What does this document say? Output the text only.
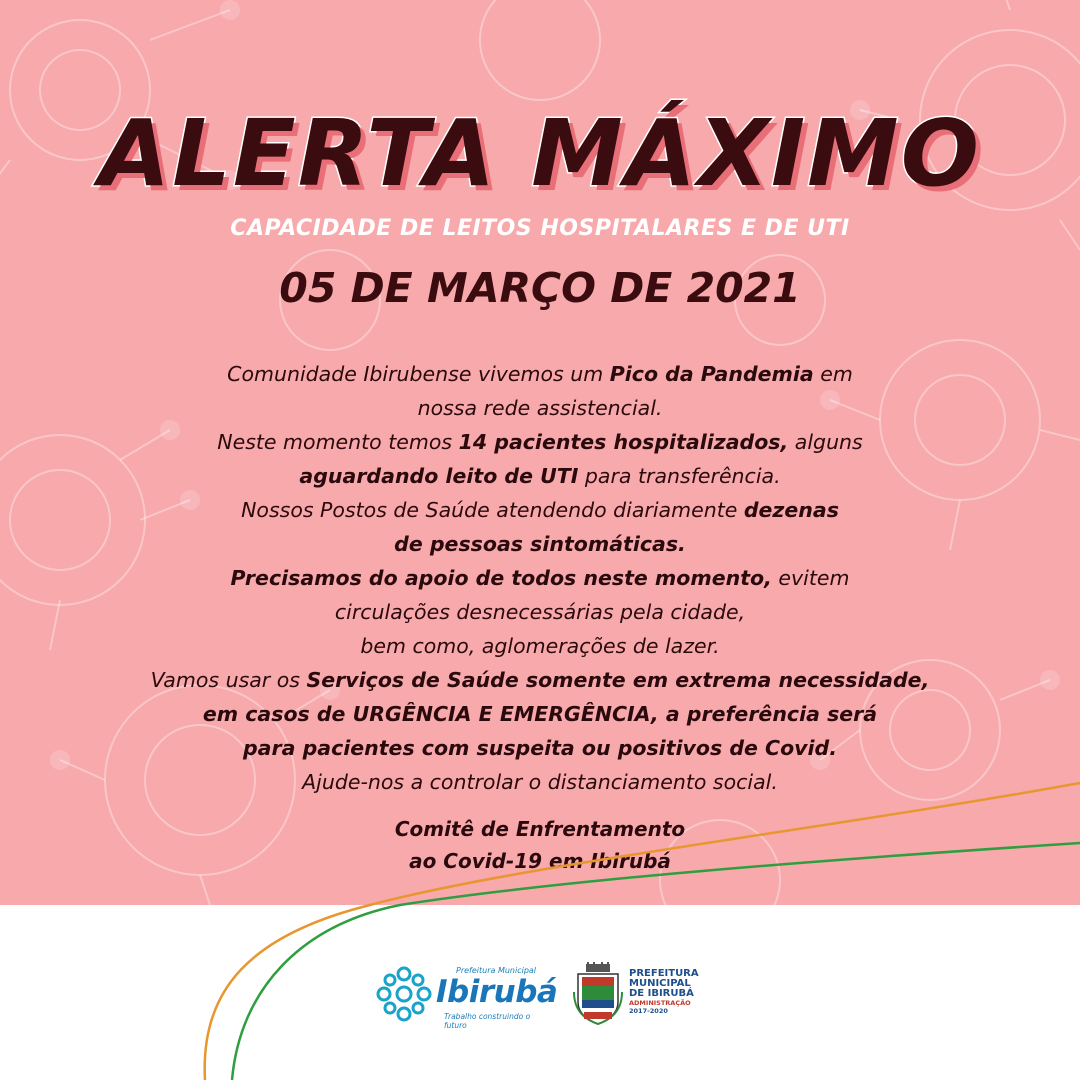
ALERTA MÁXIMO
CAPACIDADE DE LEITOS HOSPITALARES E DE UTI
05 DE MARÇO DE 2021
Comunidade Ibirubense vivemos um Pico da Pandemia em
nossa rede assistencial.
Neste momento temos 14 pacientes hospitalizados, alguns
aguardando leito de UTI para transferência.
Nossos Postos de Saúde atendendo diariamente dezenas
de pessoas sintomáticas.
Precisamos do apoio de todos neste momento, evitem
circulações desnecessárias pela cidade,
bem como, aglomerações de lazer.
Vamos usar os Serviços de Saúde somente em extrema necessidade,
em casos de URGÊNCIA E EMERGÊNCIA, a preferência será
para pacientes com suspeita ou positivos de Covid.
Ajude-nos a controlar o distanciamento social.
Comitê de Enfrentamento
ao Covid-19 em Ibirubá
Prefeitura Municipal
Ibirubá
Trabalho construindo o futuro
PREFEITURA
MUNICIPAL
DE IBIRUBÁ
ADMINISTRAÇÃO
2017-2020
